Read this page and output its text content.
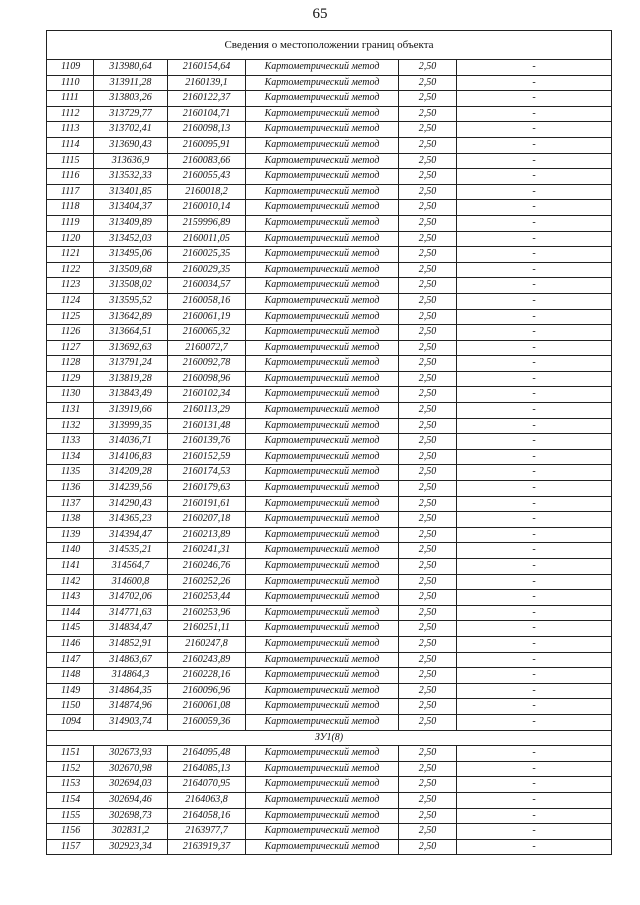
65
Сведения о местоположении границ объекта					
1109	313980,64	2160154,64	Картометрический метод	2,50	-
1110	313911,28	2160139,1	Картометрический метод	2,50	-
1111	313803,26	2160122,37	Картометрический метод	2,50	-
1112	313729,77	2160104,71	Картометрический метод	2,50	-
1113	313702,41	2160098,13	Картометрический метод	2,50	-
1114	313690,43	2160095,91	Картометрический метод	2,50	-
1115	313636,9	2160083,66	Картометрический метод	2,50	-
1116	313532,33	2160055,43	Картометрический метод	2,50	-
1117	313401,85	2160018,2	Картометрический метод	2,50	-
1118	313404,37	2160010,14	Картометрический метод	2,50	-
1119	313409,89	2159996,89	Картометрический метод	2,50	-
1120	313452,03	2160011,05	Картометрический метод	2,50	-
1121	313495,06	2160025,35	Картометрический метод	2,50	-
1122	313509,68	2160029,35	Картометрический метод	2,50	-
1123	313508,02	2160034,57	Картометрический метод	2,50	-
1124	313595,52	2160058,16	Картометрический метод	2,50	-
1125	313642,89	2160061,19	Картометрический метод	2,50	-
1126	313664,51	2160065,32	Картометрический метод	2,50	-
1127	313692,63	2160072,7	Картометрический метод	2,50	-
1128	313791,24	2160092,78	Картометрический метод	2,50	-
1129	313819,28	2160098,96	Картометрический метод	2,50	-
1130	313843,49	2160102,34	Картометрический метод	2,50	-
1131	313919,66	2160113,29	Картометрический метод	2,50	-
1132	313999,35	2160131,48	Картометрический метод	2,50	-
1133	314036,71	2160139,76	Картометрический метод	2,50	-
1134	314106,83	2160152,59	Картометрический метод	2,50	-
1135	314209,28	2160174,53	Картометрический метод	2,50	-
1136	314239,56	2160179,63	Картометрический метод	2,50	-
1137	314290,43	2160191,61	Картометрический метод	2,50	-
1138	314365,23	2160207,18	Картометрический метод	2,50	-
1139	314394,47	2160213,89	Картометрический метод	2,50	-
1140	314535,21	2160241,31	Картометрический метод	2,50	-
1141	314564,7	2160246,76	Картометрический метод	2,50	-
1142	314600,8	2160252,26	Картометрический метод	2,50	-
1143	314702,06	2160253,44	Картометрический метод	2,50	-
1144	314771,63	2160253,96	Картометрический метод	2,50	-
1145	314834,47	2160251,11	Картометрический метод	2,50	-
1146	314852,91	2160247,8	Картометрический метод	2,50	-
1147	314863,67	2160243,89	Картометрический метод	2,50	-
1148	314864,3	2160228,16	Картометрический метод	2,50	-
1149	314864,35	2160096,96	Картометрический метод	2,50	-
1150	314874,96	2160061,08	Картометрический метод	2,50	-
1094	314903,74	2160059,36	Картометрический метод	2,50	-
ЗУ1(8)					
1151	302673,93	2164095,48	Картометрический метод	2,50	-
1152	302670,98	2164085,13	Картометрический метод	2,50	-
1153	302694,03	2164070,95	Картометрический метод	2,50	-
1154	302694,46	2164063,8	Картометрический метод	2,50	-
1155	302698,73	2164058,16	Картометрический метод	2,50	-
1156	302831,2	2163977,7	Картометрический метод	2,50	-
1157	302923,34	2163919,37	Картометрический метод	2,50	-
